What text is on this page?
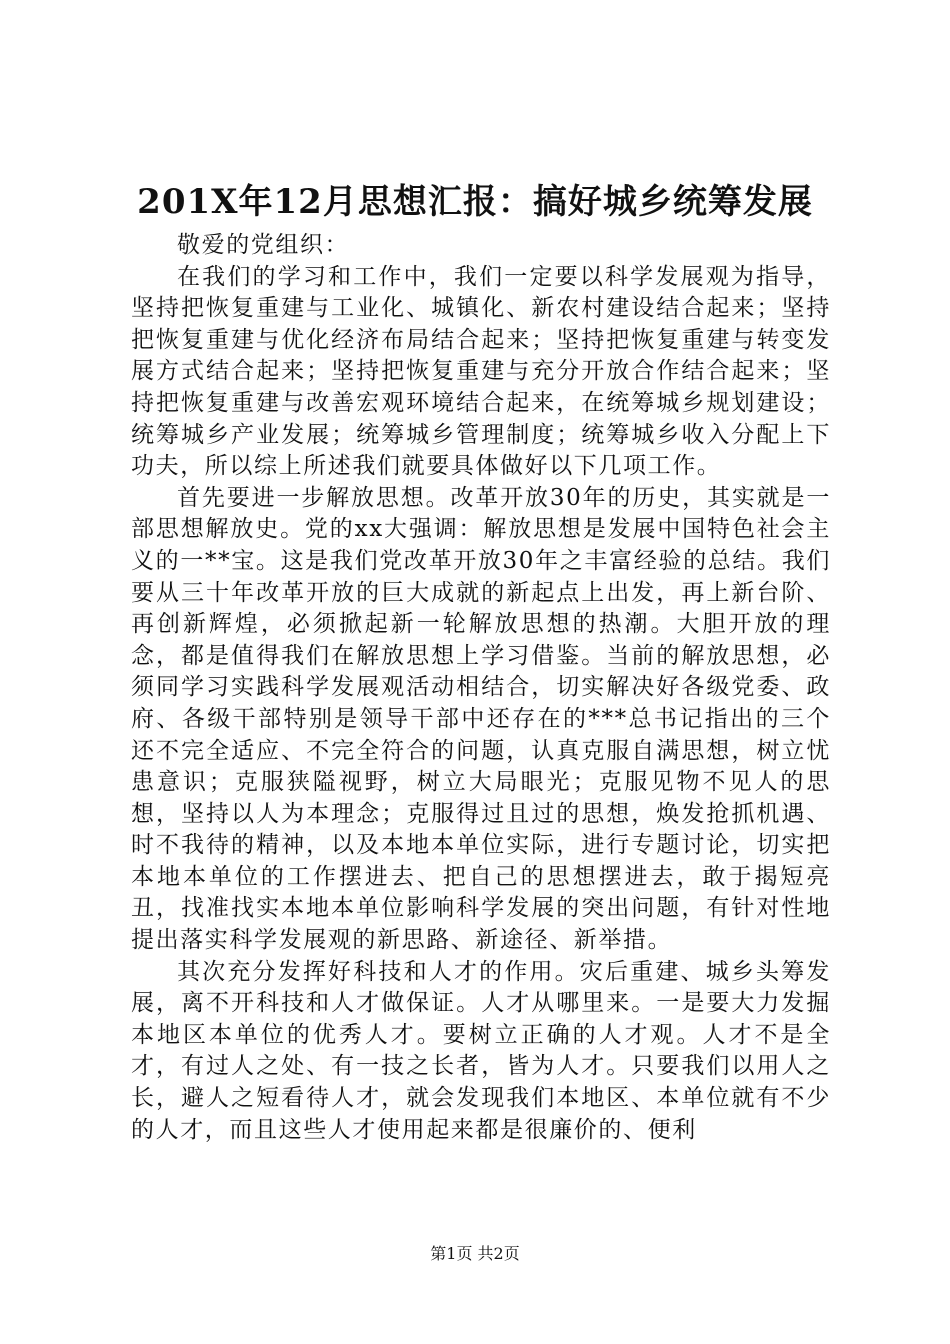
201X年12月思想汇报：搞好城乡统筹发展
敬爱的党组织：

在我们的学习和工作中，我们一定要以科学发展观为指导，坚持把恢复重建与工业化、城镇化、新农村建设结合起来；坚持把恢复重建与优化经济布局结合起来；坚持把恢复重建与转变发展方式结合起来；坚持把恢复重建与充分开放合作结合起来；坚持把恢复重建与改善宏观环境结合起来，在统筹城乡规划建设；统筹城乡产业发展；统筹城乡管理制度；统筹城乡收入分配上下功夫，所以综上所述我们就要具体做好以下几项工作。

首先要进一步解放思想。改革开放30年的历史，其实就是一部思想解放史。党的xx大强调：解放思想是发展中国特色社会主义的一**宝。这是我们党改革开放30年之丰富经验的总结。我们要从三十年改革开放的巨大成就的新起点上出发，再上新台阶、再创新辉煌，必须掀起新一轮解放思想的热潮。大胆开放的理念，都是值得我们在解放思想上学习借鉴。当前的解放思想，必须同学习实践科学发展观活动相结合，切实解决好各级党委、政府、各级干部特别是领导干部中还存在的***总书记指出的三个还不完全适应、不完全符合的问题，认真克服自满思想，树立忧患意识；克服狭隘视野，树立大局眼光；克服见物不见人的思想，坚持以人为本理念；克服得过且过的思想，焕发抢抓机遇、时不我待的精神，以及本地本单位实际，进行专题讨论，切实把本地本单位的工作摆进去、把自己的思想摆进去，敢于揭短亮丑，找准找实本地本单位影响科学发展的突出问题，有针对性地提出落实科学发展观的新思路、新途径、新举措。

其次充分发挥好科技和人才的作用。灾后重建、城乡头筹发展，离不开科技和人才做保证。人才从哪里来。一是要大力发掘本地区本单位的优秀人才。要树立正确的人才观。人才不是全才，有过人之处、有一技之长者，皆为人才。只要我们以用人之长，避人之短看待人才，就会发现我们本地区、本单位就有不少的人才，而且这些人才使用起来都是很廉价的、便利

第1页 共2页
